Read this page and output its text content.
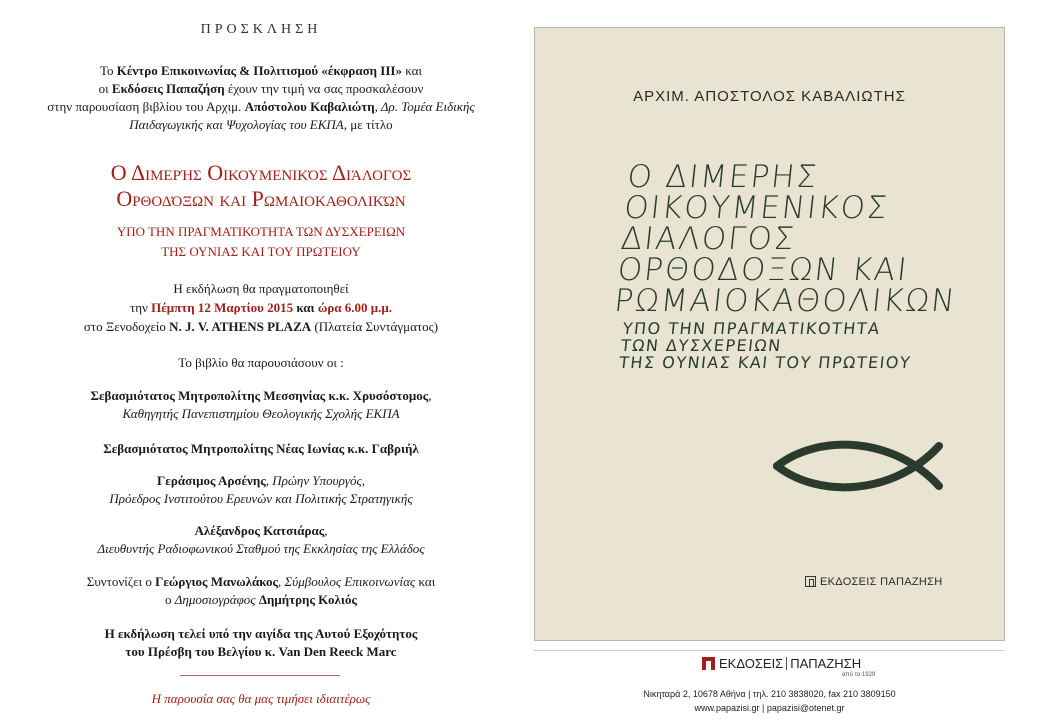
ΠΡΟΣΚΛΗΣΗ
Το Κέντρο Επικοινωνίας & Πολιτισμού «έκφραση ΙΙΙ» και
οι Εκδόσεις Παπαζήση έχουν την τιμή να σας προσκαλέσουν
στην παρουσίαση βιβλίου του Αρχιμ. Απόστολου Καβαλιώτη, Δρ. Τομέα Ειδικής
Παιδαγωγικής και Ψυχολογίας του ΕΚΠΑ, με τίτλο
Ο Διμερής Οικουμενικός Διάλογος
Ορθοδόξων και Ρωμαιοκαθολικών
ΥΠΟ ΤΗΝ ΠΡΑΓΜΑΤΙΚΟΤΗΤΑ ΤΩΝ ΔΥΣΧΕΡΕΙΩΝ
ΤΗΣ ΟΥΝΙΑΣ ΚΑΙ ΤΟΥ ΠΡΩΤΕΙΟΥ
Η εκδήλωση θα πραγματοποιηθεί
την Πέμπτη 12 Μαρτίου 2015 και ώρα 6.00 μ.μ.
στο Ξενοδοχείο N. J. V. ATHENS PLAZA (Πλατεία Συντάγματος)
Το βιβλίο θα παρουσιάσουν οι :
Σεβασμιότατος Μητροπολίτης Μεσσηνίας κ.κ. Χρυσόστομος,
Καθηγητής Πανεπιστημίου Θεολογικής Σχολής ΕΚΠΑ
Σεβασμιότατος Μητροπολίτης Νέας Ιωνίας κ.κ. Γαβριήλ
Γεράσιμος Αρσένης, Πρώην Υπουργός,
Πρόεδρος Ινστιτούτου Ερευνών και Πολιτικής Στρατηγικής
Αλέξανδρος Κατσιάρας,
Διευθυντής Ραδιοφωνικού Σταθμού της Εκκλησίας της Ελλάδος
Συντονίζει ο Γεώργιος Μανωλάκος, Σύμβουλος Επικοινωνίας και
ο Δημοσιογράφος Δημήτρης Κολιός
Η εκδήλωση τελεί υπό την αιγίδα της Αυτού Εξοχότητος
του Πρέσβη του Βελγίου κ. Van Den Reeck Marc
Η παρουσία σας θα μας τιμήσει ιδιαιτέρως
ΑΡΧΙΜ. ΑΠΟΣΤΟΛΟΣ ΚΑΒΑΛΙΩΤΗΣ
Ο ΔΙΜΕΡΗΣ
ΟΙΚΟΥΜΕΝΙΚΟΣ
ΔΙΑΛΟΓΟΣ
ΟΡΘΟΔΟΞΩΝ ΚΑΙ
ΡΩΜΑΙΟΚΑΘΟΛΙΚΩΝ
ΥΠΟ ΤΗΝ ΠΡΑΓΜΑΤΙΚΟΤΗΤΑ
ΤΩΝ ΔΥΣΧΕΡΕΙΩΝ
ΤΗΣ ΟΥΝΙΑΣ ΚΑΙ ΤΟΥ ΠΡΩΤΕΙΟΥ
ΕΚΔΟΣΕΙΣ ΠΑΠΑΖΗΣΗ
ΕΚΔΟΣΕΙΣ ΠΑΠΑΖΗΣΗ
από το 1929
Νικηταρά 2, 10678 Αθήνα | τηλ. 210 3838020, fax 210 3809150
www.papazisi.gr | papazisi@otenet.gr
